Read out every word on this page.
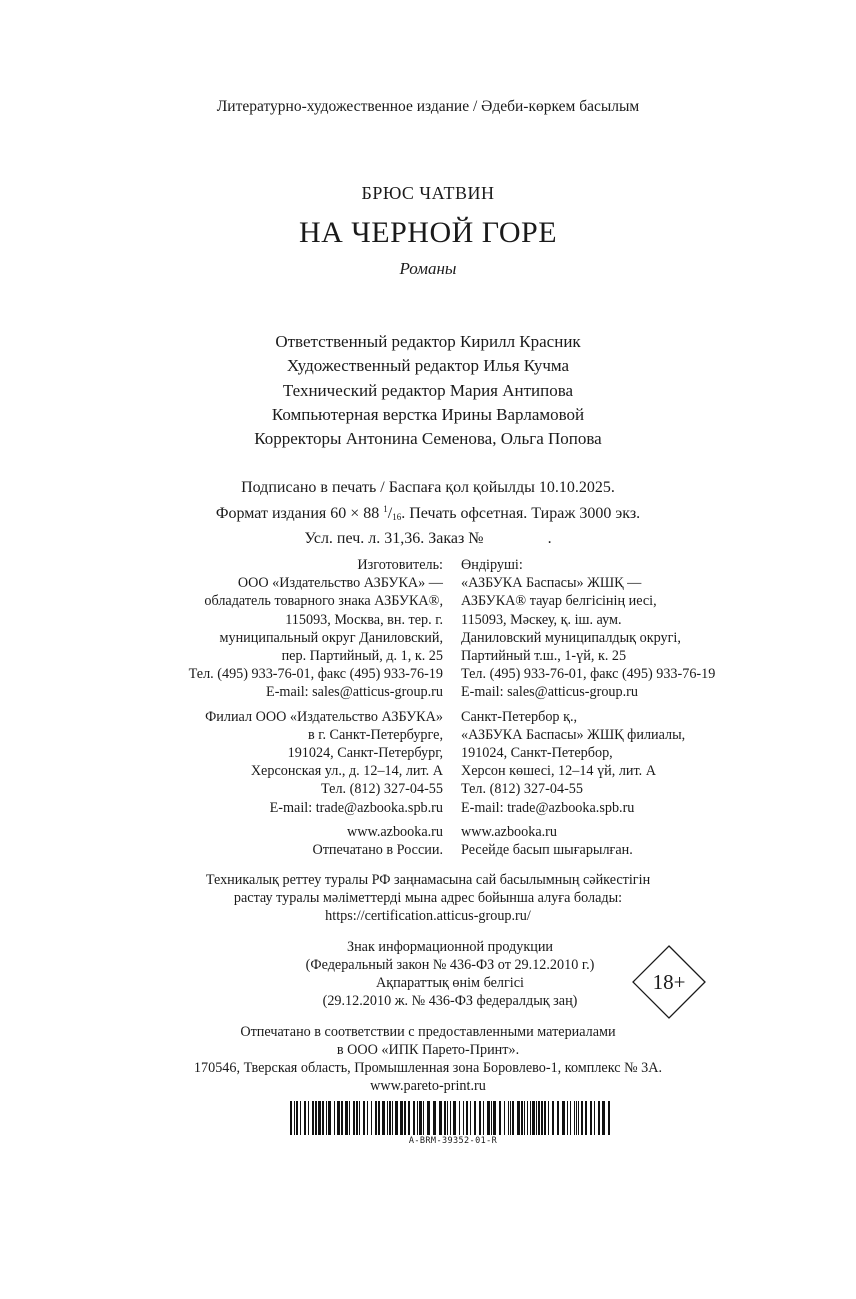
Литературно-художественное издание / Әдеби-көркем басылым
БРЮС ЧАТВИН
НА ЧЕРНОЙ ГОРЕ
Романы
Ответственный редактор Кирилл Красник
Художественный редактор Илья Кучма
Технический редактор Мария Антипова
Компьютерная верстка Ирины Варламовой
Корректоры Антонина Семенова, Ольга Попова
Подписано в печать / Баспаға қол қойылды 10.10.2025.
Формат издания 60 × 88 $^1/_{16}$. Печать офсетная. Тираж 3000 экз.
Усл. печ. л. 31,36. Заказ №                .
Изготовитель:
ООО «Издательство АЗБУКА» —
обладатель товарного знака АЗБУКА®,
115093, Москва, вн. тер. г.
муниципальный округ Даниловский,
пер. Партийный, д. 1, к. 25
Тел. (495) 933-76-01, факс (495) 933-76-19
E-mail: sales@atticus-group.ru
Филиал ООО «Издательство АЗБУКА»
в г. Санкт-Петербурге,
191024, Санкт-Петербург,
Херсонская ул., д. 12–14, лит. А
Тел. (812) 327-04-55
E-mail: trade@azbooka.spb.ru
www.azbooka.ru
Отпечатано в России.
Өндіруші:
«АЗБУКА Баспасы» ЖШҚ —
АЗБУКА® тауар белгісінің иесі,
115093, Мәскеу, қ. іш. аум.
Даниловский муниципалдық округі,
Партийный т.ш., 1-үй, к. 25
Тел. (495) 933-76-01, факс (495) 933-76-19
E-mail: sales@atticus-group.ru
Санкт-Петербор қ.,
«АЗБУКА Баспасы» ЖШҚ филиалы,
191024, Санкт-Петербор,
Херсон көшесі, 12–14 үй, лит. А
Тел. (812) 327-04-55
E-mail: trade@azbooka.spb.ru
www.azbooka.ru
Ресейде басып шығарылған.
Техникалық реттеу туралы РФ заңнамасына сай басылымның сәйкестігін
растау туралы мәліметтерді мына адрес бойынша алуға болады:
https://certification.atticus-group.ru/
Знак информационной продукции
(Федеральный закон № 436-ФЗ от 29.12.2010 г.)
Ақпараттық өнім белгісі
(29.12.2010 ж. № 436-ФЗ федералдық заң)
18+
Отпечатано в соответствии с предоставленными материалами
в ООО «ИПК Парето-Принт».
170546, Тверская область, Промышленная зона Боровлево-1, комплекс № 3А.
www.pareto-print.ru
A-BRM-39352-01-R
